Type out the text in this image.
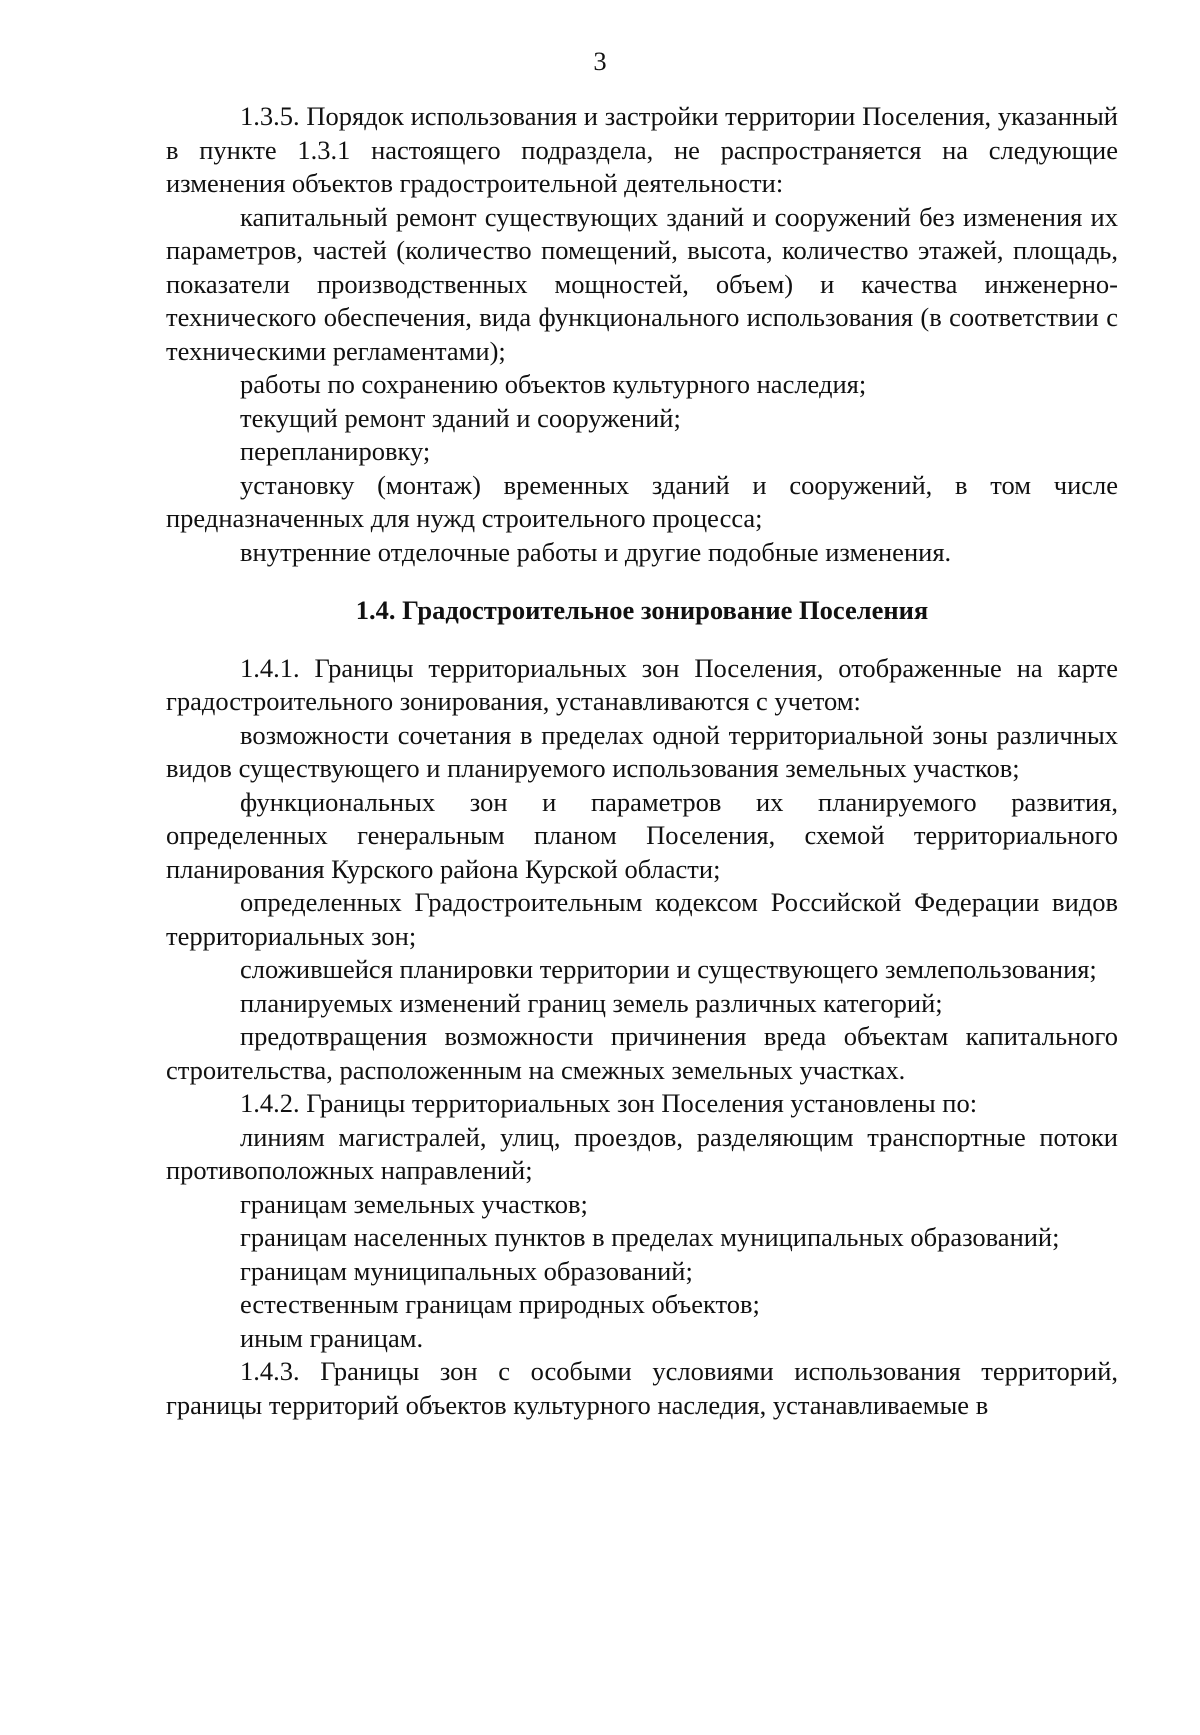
3

1.3.5. Порядок использования и застройки территории Поселения, указанный в пункте 1.3.1 настоящего подраздела, не распространяется на следующие изменения объектов градостроительной деятельности:

капитальный ремонт существующих зданий и сооружений без изменения их параметров, частей (количество помещений, высота, количество этажей, площадь, показатели производственных мощностей, объем) и качества инженерно-технического обеспечения, вида функционального использования (в соответствии с техническими регламентами);

работы по сохранению объектов культурного наследия;

текущий ремонт зданий и сооружений;

перепланировку;

установку (монтаж) временных зданий и сооружений, в том числе предназначенных для нужд строительного процесса;

внутренние отделочные работы и другие подобные изменения.

1.4. Градостроительное зонирование Поселения

1.4.1. Границы территориальных зон Поселения, отображенные на карте градостроительного зонирования, устанавливаются с учетом:

возможности сочетания в пределах одной территориальной зоны различных видов существующего и планируемого использования земельных участков;

функциональных зон и параметров их планируемого развития, определенных генеральным планом Поселения, схемой территориального планирования Курского района Курской области;

определенных Градостроительным кодексом Российской Федерации видов территориальных зон;

сложившейся планировки территории и существующего землепользования;

планируемых изменений границ земель различных категорий;

предотвращения возможности причинения вреда объектам капитального строительства, расположенным на смежных земельных участках.

1.4.2. Границы территориальных зон Поселения установлены по:

линиям магистралей, улиц, проездов, разделяющим транспортные потоки противоположных направлений;

границам земельных участков;

границам населенных пунктов в пределах муниципальных образований;

границам муниципальных образований;

естественным границам природных объектов;

иным границам.

1.4.3. Границы зон с особыми условиями использования территорий, границы территорий объектов культурного наследия, устанавливаемые в
